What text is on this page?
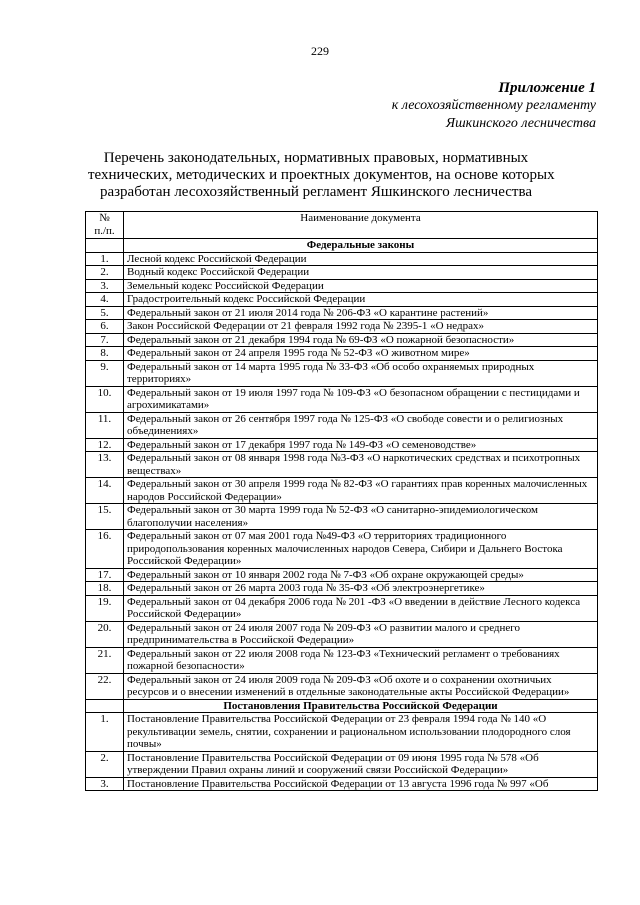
229
Приложение 1
к лесохозяйственному регламенту
Яшкинского лесничества
Перечень законодательных, нормативных правовых, нормативных
технических, методических и проектных документов, на основе которых
разработан лесохозяйственный регламент Яшкинского лесничества
№
п./п.	Наименование документа
	Федеральные законы
1.	Лесной кодекс Российской Федерации
2.	Водный кодекс Российской Федерации
3.	Земельный кодекс Российской Федерации
4.	Градостроительный кодекс Российской Федерации
5.	Федеральный закон от 21 июля 2014 года № 206-ФЗ «О карантине растений»
6.	Закон Российской Федерации от 21 февраля 1992 года № 2395-1 «О недрах»
7.	Федеральный закон от 21 декабря 1994 года № 69-ФЗ «О пожарной безопасности»
8.	Федеральный закон от 24 апреля 1995 года № 52-ФЗ «О животном мире»
9.	Федеральный закон от 14 марта 1995 года № 33-ФЗ «Об особо охраняемых природных территориях»
10.	Федеральный закон от 19 июля 1997 года № 109-ФЗ «О безопасном обращении с пестицидами и агрохимикатами»
11.	Федеральный закон от 26 сентября 1997 года № 125-ФЗ «О свободе совести и о религиозных объединениях»
12.	Федеральный закон от 17 декабря 1997 года № 149-ФЗ «О семеноводстве»
13.	Федеральный закон от 08 января 1998 года №3-ФЗ «О наркотических средствах и психотропных веществах»
14.	Федеральный закон от 30 апреля 1999 года № 82-ФЗ «О гарантиях прав коренных малочисленных народов Российской Федерации»
15.	Федеральный закон от 30 марта 1999 года № 52-ФЗ «О санитарно-эпидемиологическом благополучии населения»
16.	Федеральный закон от 07 мая 2001 года №49-ФЗ «О территориях традиционного природопользования коренных малочисленных народов Севера, Сибири и Дальнего Востока Российской Федерации»
17.	Федеральный закон от 10 января 2002 года № 7-ФЗ «Об охране окружающей среды»
18.	Федеральный закон от 26 марта 2003 года № 35-ФЗ «Об электроэнергетике»
19.	Федеральный закон от 04 декабря 2006 года № 201 -ФЗ «О введении в действие Лесного кодекса Российской Федерации»
20.	Федеральный закон от 24 июля 2007 года № 209-ФЗ «О развитии малого и среднего предпринимательства в Российской Федерации»
21.	Федеральный закон от 22 июля 2008 года № 123-ФЗ «Технический регламент о требованиях пожарной безопасности»
22.	Федеральный закон от 24 июля 2009 года № 209-ФЗ «Об охоте и о сохранении охотничьих ресурсов и о внесении изменений в отдельные законодательные акты Российской Федерации»
	Постановления Правительства Российской Федерации
1.	Постановление Правительства Российской Федерации от 23 февраля 1994 года № 140 «О рекультивации земель, снятии, сохранении и рациональном использовании плодородного слоя почвы»
2.	Постановление Правительства Российской Федерации от 09 июня 1995 года № 578 «Об утверждении Правил охраны линий и сооружений связи Российской Федерации»
3.	Постановление Правительства Российской Федерации от 13 августа 1996 года № 997 «Об
